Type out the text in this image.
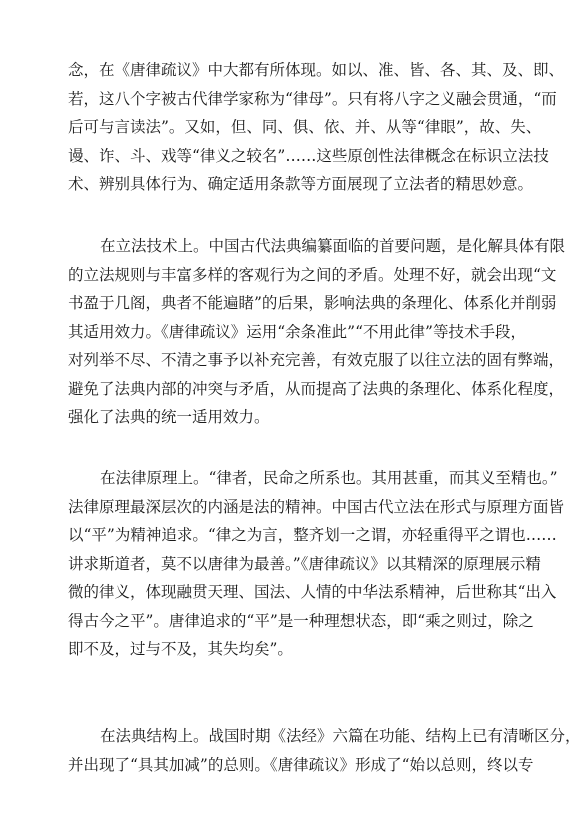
念，在《唐律疏议》中大都有所体现。如以、准、皆、各、其、及、即、
若，这八个字被古代律学家称为“律母”。只有将八字之义融会贯通，“而
后可与言读法”。又如，但、同、俱、依、并、从等“律眼”，故、失、
谩、诈、斗、戏等“律义之较名”……这些原创性法律概念在标识立法技
术、辨别具体行为、确定适用条款等方面展现了立法者的精思妙意。
在立法技术上。中国古代法典编纂面临的首要问题，是化解具体有限
的立法规则与丰富多样的客观行为之间的矛盾。处理不好，就会出现“文
书盈于几阁，典者不能遍睹”的后果，影响法典的条理化、体系化并削弱
其适用效力。《唐律疏议》运用“余条准此”“不用此律”等技术手段，
对列举不尽、不清之事予以补充完善，有效克服了以往立法的固有弊端，
避免了法典内部的冲突与矛盾，从而提高了法典的条理化、体系化程度，
强化了法典的统一适用效力。
在法律原理上。“律者，民命之所系也。其用甚重，而其义至精也。”
法律原理最深层次的内涵是法的精神。中国古代立法在形式与原理方面皆
以“平”为精神追求。“律之为言，整齐划一之谓，亦轻重得平之谓也……
讲求斯道者，莫不以唐律为最善。”《唐律疏议》以其精深的原理展示精
微的律义，体现融贯天理、国法、人情的中华法系精神，后世称其“出入
得古今之平”。唐律追求的“平”是一种理想状态，即“乘之则过，除之
即不及，过与不及，其失均矣”。
在法典结构上。战国时期《法经》六篇在功能、结构上已有清晰区分，
并出现了“具其加减”的总则。《唐律疏议》形成了“始以总则，终以专
